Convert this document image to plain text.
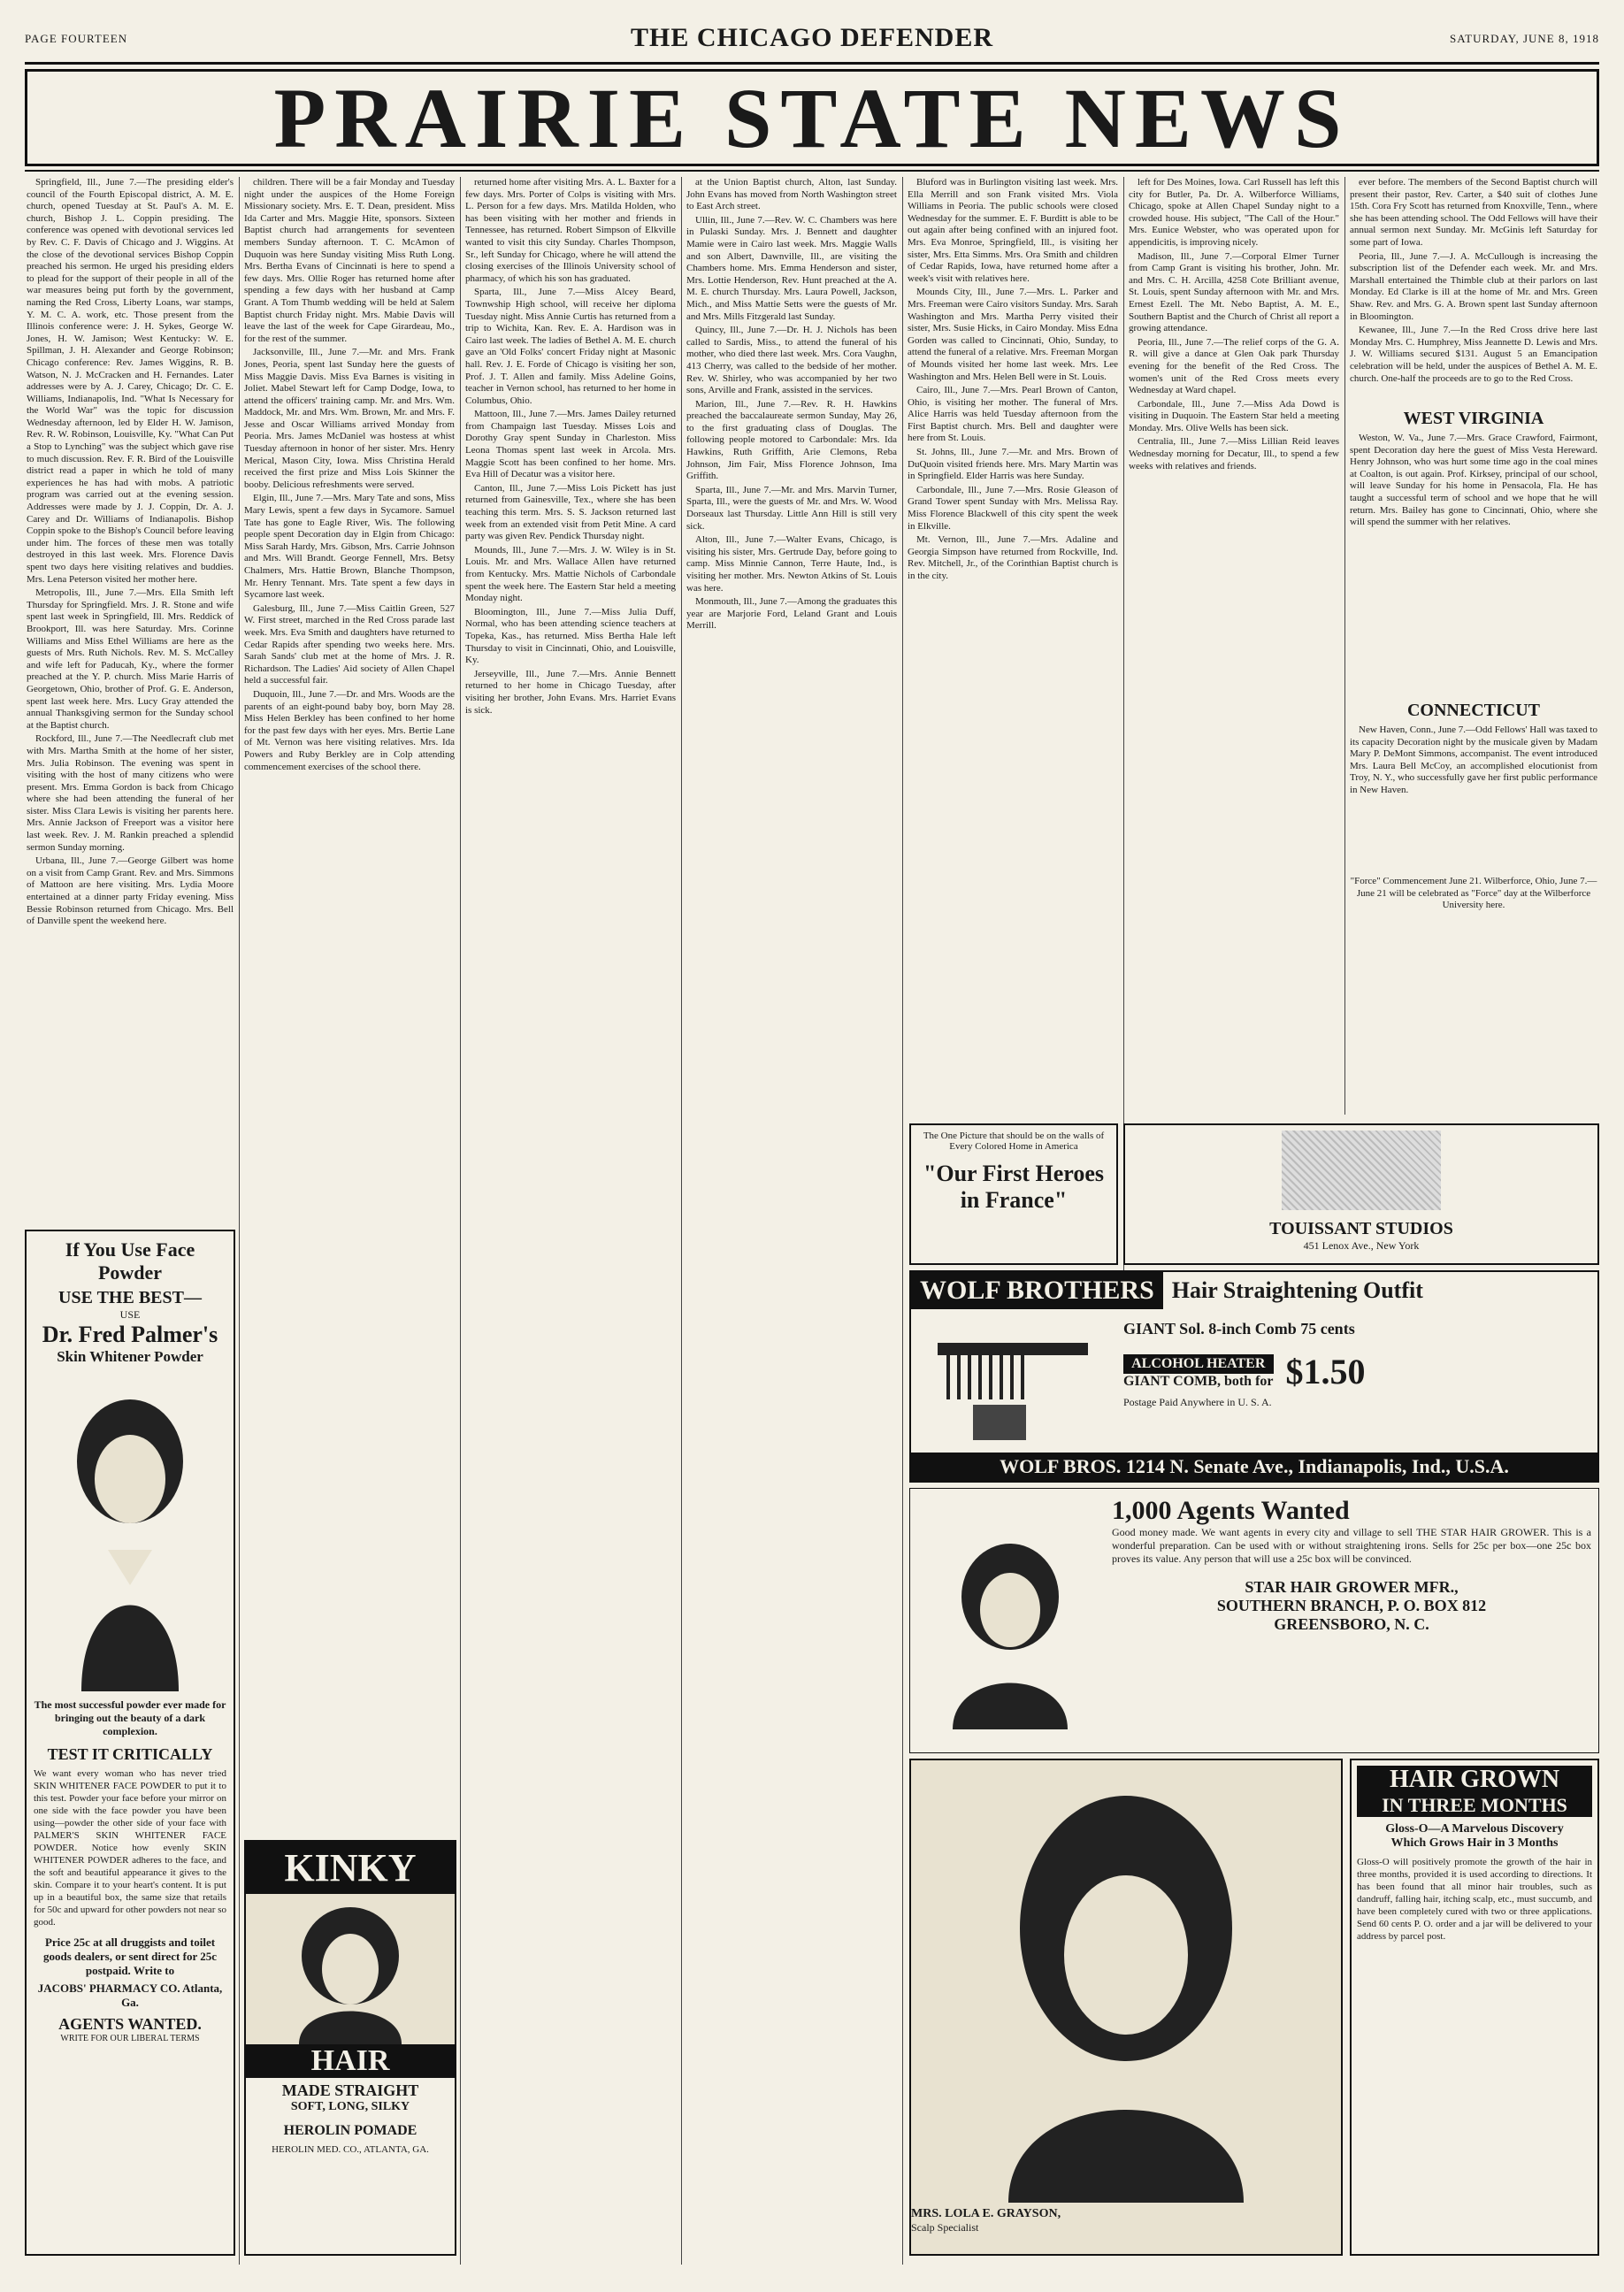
PAGE FOURTEEN	THE CHICAGO DEFENDER	SATURDAY, JUNE 8, 1918
PRAIRIE STATE NEWS

Springfield, Ill., June 7.—The presiding elder's council of the Fourth Episcopal district, A. M. E. church, opened Tuesday at St. Paul's A. M. E. church, Bishop J. L. Coppin presiding. The conference was opened with devotional services led by Rev. C. F. Davis of Chicago and J. Wiggins. At the close of the devotional services Bishop Coppin preached his sermon. He urged his presiding elders to plead for the support of their people in all of the war measures being put forth by the government, naming the Red Cross, Liberty Loans, war stamps, Y. M. C. A. work, etc. Those present from the Illinois conference were: J. H. Sykes, George W. Jones, H. W. Jamison; West Kentucky: W. E. Spillman, J. H. Alexander and George Robinson; Chicago conference: Rev. James Wiggins, R. B. Watson, N. J. McCracken and H. Fernandes. Later addresses were by A. J. Carey, Chicago; Dr. C. E. Williams, Indianapolis, Ind. "What Is Necessary for the World War" was the topic for discussion Wednesday afternoon, led by Elder H. W. Jamison, Rev. R. W. Robinson, Louisville, Ky. "What Can Put a Stop to Lynching" was the subject which gave rise to much discussion. Rev. F. R. Bird of the Louisville district read a paper in which he told of many experiences he has had with mobs. A patriotic program was carried out at the evening session. Addresses were made by J. J. Coppin, Dr. A. J. Carey and Dr. Williams of Indianapolis. Bishop Coppin spoke to the Bishop's Council before leaving under him. The forces of these men was totally destroyed in this last week. Mrs. Florence Davis spent two days here visiting relatives and buddies. Mrs. Lena Peterson visited her mother here.

Metropolis, Ill., June 7.—Mrs. Ella Smith left Thursday for Springfield. Mrs. J. R. Stone and wife spent last week in Springfield, Ill. Mrs. Reddick of Brookport, Ill. was here Saturday. Mrs. Corinne Williams and Miss Ethel Williams are here as the guests of Mrs. Ruth Nichols. Rev. M. S. McCalley and wife left for Paducah, Ky., where the former preached at the Y. P. church. Miss Marie Harris of Georgetown, Ohio, brother of Prof. G. E. Anderson, spent last week here. Mrs. Lucy Gray attended the annual Thanksgiving sermon for the Sunday school at the Baptist church.

Rockford, Ill., June 7.—The Needlecraft club met with Mrs. Martha Smith at the home of her sister, Mrs. Julia Robinson. The evening was spent in visiting with the host of many citizens who were present. Mrs. Emma Gordon is back from Chicago where she had been attending the funeral of her sister. Miss Clara Lewis is visiting her parents here. Mrs. Annie Jackson of Freeport was a visitor here last week. Rev. J. M. Rankin preached a splendid sermon Sunday morning.

Urbana, Ill., June 7.—George Gilbert was home on a visit from Camp Grant. Rev. and Mrs. Simmons of Mattoon are here visiting. Mrs. Lydia Moore entertained at a dinner party Friday evening. Miss Bessie Robinson returned from Chicago. Mrs. Bell of Danville spent the weekend here.

children. There will be a fair Monday and Tuesday night under the auspices of the Home Foreign Missionary society. Mrs. E. T. Dean, president. Miss Ida Carter and Mrs. Maggie Hite, sponsors. Sixteen Baptist church had arrangements for seventeen members Sunday afternoon. T. C. McAmon of Duquoin was here Sunday visiting Miss Ruth Long. Mrs. Bertha Evans of Cincinnati is here to spend a few days. Mrs. Ollie Roger has returned home after spending a few days with her husband at Camp Grant. A Tom Thumb wedding will be held at Salem Baptist church Friday night. Mrs. Mabie Davis will leave the last of the week for Cape Girardeau, Mo., for the rest of the summer.

Jacksonville, Ill., June 7.—Mr. and Mrs. Frank Jones, Peoria, spent last Sunday here the guests of Miss Maggie Davis. Miss Eva Barnes is visiting in Joliet. Mabel Stewart left for Camp Dodge, Iowa, to attend the officers' training camp. Mr. and Mrs. Wm. Maddock, Mr. and Mrs. Wm. Brown, Mr. and Mrs. F. Jesse and Oscar Williams arrived Monday from Peoria. Mrs. James McDaniel was hostess at whist Tuesday afternoon in honor of her sister. Mrs. Henry Merical, Mason City, Iowa. Miss Christina Herald received the first prize and Miss Lois Skinner the booby. Delicious refreshments were served.

Elgin, Ill., June 7.—Mrs. Mary Tate and sons, Miss Mary Lewis, spent a few days in Sycamore. Samuel Tate has gone to Eagle River, Wis. The following people spent Decoration day in Elgin from Chicago: Miss Sarah Hardy, Mrs. Gibson, Mrs. Carrie Johnson and Mrs. Will Brandt. George Fennell, Mrs. Betsy Chalmers, Mrs. Hattie Brown, Blanche Thompson, Mr. Henry Tennant. Mrs. Tate spent a few days in Sycamore last week.

Galesburg, Ill., June 7.—Miss Caitlin Green, 527 W. First street, marched in the Red Cross parade last week. Mrs. Eva Smith and daughters have returned to Cedar Rapids after spending two weeks here. Mrs. Sarah Sands' club met at the home of Mrs. J. R. Richardson. The Ladies' Aid society of Allen Chapel held a successful fair.

Duquoin, Ill., June 7.—Dr. and Mrs. Woods are the parents of an eight-pound baby boy, born May 28. Miss Helen Berkley has been confined to her home for the past few days with her eyes. Mrs. Bertie Lane of Mt. Vernon was here visiting relatives. Mrs. Ida Powers and Ruby Berkley are in Colp attending commencement exercises of the school there.

returned home after visiting Mrs. A. L. Baxter for a few days. Mrs. Porter of Colps is visiting with Mrs. L. Person for a few days. Mrs. Matilda Holden, who has been visiting with her mother and friends in Tennessee, has returned. Robert Simpson of Elkville wanted to visit this city Sunday. Charles Thompson, Sr., left Sunday for Chicago, where he will attend the closing exercises of the Illinois University school of pharmacy, of which his son has graduated.

Sparta, Ill., June 7.—Miss Alcey Beard, Townwship High school, will receive her diploma Tuesday night. Miss Annie Curtis has returned from a trip to Wichita, Kan. Rev. E. A. Hardison was in Cairo last week. The ladies of Bethel A. M. E. church gave an 'Old Folks' concert Friday night at Masonic hall. Rev. J. E. Forde of Chicago is visiting her son, Prof. J. T. Allen and family. Miss Adeline Goins, teacher in Vernon school, has returned to her home in Columbus, Ohio.

Mattoon, Ill., June 7.—Mrs. James Dailey returned from Champaign last Tuesday. Misses Lois and Dorothy Gray spent Sunday in Charleston. Miss Leona Thomas spent last week in Arcola. Mrs. Maggie Scott has been confined to her home. Mrs. Eva Hill of Decatur was a visitor here.

Canton, Ill., June 7.—Miss Lois Pickett has just returned from Gainesville, Tex., where she has been teaching this term. Mrs. S. S. Jackson returned last week from an extended visit from Petit Mine. A card party was given Rev. Pendick Thursday night.

Mounds, Ill., June 7.—Mrs. J. W. Wiley is in St. Louis. Mr. and Mrs. Wallace Allen have returned from Kentucky. Mrs. Mattie Nichols of Carbondale spent the week here. The Eastern Star held a meeting Monday night.

Bloomington, Ill., June 7.—Miss Julia Duff, Normal, who has been attending science teachers at Topeka, Kas., has returned. Miss Bertha Hale left Thursday to visit in Cincinnati, Ohio, and Louisville, Ky.

Jerseyville, Ill., June 7.—Mrs. Annie Bennett returned to her home in Chicago Tuesday, after visiting her brother, John Evans. Mrs. Harriet Evans is sick.

at the Union Baptist church, Alton, last Sunday. John Evans has moved from North Washington street to East Arch street.

Ullin, Ill., June 7.—Rev. W. C. Chambers was here in Pulaski Sunday. Mrs. J. Bennett and daughter Mamie were in Cairo last week. Mrs. Maggie Walls and son Albert, Dawnville, Ill., are visiting the Chambers home. Mrs. Emma Henderson and sister, Mrs. Lottie Henderson, Rev. Hunt preached at the A. M. E. church Thursday. Mrs. Laura Powell, Jackson, Mich., and Miss Mattie Setts were the guests of Mr. and Mrs. Mills Fitzgerald last Sunday.

Quincy, Ill., June 7.—Dr. H. J. Nichols has been called to Sardis, Miss., to attend the funeral of his mother, who died there last week. Mrs. Cora Vaughn, 413 Cherry, was called to the bedside of her mother. Rev. W. Shirley, who was accompanied by her two sons, Arville and Frank, assisted in the services.

Marion, Ill., June 7.—Rev. R. H. Hawkins preached the baccalaureate sermon Sunday, May 26, to the first graduating class of Douglas. The following people motored to Carbondale: Mrs. Ida Hawkins, Ruth Griffith, Arie Clemons, Reba Johnson, Jim Fair, Miss Florence Johnson, Ima Griffith.

Sparta, Ill., June 7.—Mr. and Mrs. Marvin Turner, Sparta, Ill., were the guests of Mr. and Mrs. W. Wood Dorseaux last Thursday. Little Ann Hill is still very sick.

Alton, Ill., June 7.—Walter Evans, Chicago, is visiting his sister, Mrs. Gertrude Day, before going to camp. Miss Minnie Cannon, Terre Haute, Ind., is visiting her mother. Mrs. Newton Atkins of St. Louis was here.

Monmouth, Ill., June 7.—Among the graduates this year are Marjorie Ford, Leland Grant and Louis Merrill.

Bluford was in Burlington visiting last week. Mrs. Ella Merrill and son Frank visited Mrs. Viola Williams in Peoria. The public schools were closed Wednesday for the summer. E. F. Burditt is able to be out again after being confined with an injured foot. Mrs. Eva Monroe, Springfield, Ill., is visiting her sister, Mrs. Etta Simms. Mrs. Ora Smith and children of Cedar Rapids, Iowa, have returned home after a week's visit with relatives here.

Mounds City, Ill., June 7.—Mrs. L. Parker and Mrs. Freeman were Cairo visitors Sunday. Mrs. Sarah Washington and Mrs. Martha Perry visited their sister, Mrs. Susie Hicks, in Cairo Monday. Miss Edna Gorden was called to Cincinnati, Ohio, Sunday, to attend the funeral of a relative. Mrs. Freeman Morgan of Mounds visited her home last week. Mrs. Lee Washington and Mrs. Helen Bell were in St. Louis.

Cairo, Ill., June 7.—Mrs. Pearl Brown of Canton, Ohio, is visiting her mother. The funeral of Mrs. Alice Harris was held Tuesday afternoon from the First Baptist church. Mrs. Bell and daughter were here from St. Louis.

St. Johns, Ill., June 7.—Mr. and Mrs. Brown of DuQuoin visited friends here. Mrs. Mary Martin was in Springfield. Elder Harris was here Sunday.

Carbondale, Ill., June 7.—Mrs. Rosie Gleason of Grand Tower spent Sunday with Mrs. Melissa Ray. Miss Florence Blackwell of this city spent the week in Elkville.

Mt. Vernon, Ill., June 7.—Mrs. Adaline and Georgia Simpson have returned from Rockville, Ind. Rev. Mitchell, Jr., of the Corinthian Baptist church is in the city.

left for Des Moines, Iowa. Carl Russell has left this city for Butler, Pa. Dr. A. Wilberforce Williams, Chicago, spoke at Allen Chapel Sunday night to a crowded house. His subject, "The Call of the Hour." Mrs. Eunice Webster, who was operated upon for appendicitis, is improving nicely.

Madison, Ill., June 7.—Corporal Elmer Turner from Camp Grant is visiting his brother, John. Mr. and Mrs. C. H. Arcilla, 4258 Cote Brilliant avenue, St. Louis, spent Sunday afternoon with Mr. and Mrs. Ernest Ezell. The Mt. Nebo Baptist, A. M. E., Southern Baptist and the Church of Christ all report a growing attendance.

Peoria, Ill., June 7.—The relief corps of the G. A. R. will give a dance at Glen Oak park Thursday evening for the benefit of the Red Cross. The women's unit of the Red Cross meets every Wednesday at Ward chapel.

Carbondale, Ill., June 7.—Miss Ada Dowd is visiting in Duquoin. The Eastern Star held a meeting Monday. Mrs. Olive Wells has been sick.

Centralia, Ill., June 7.—Miss Lillian Reid leaves Wednesday morning for Decatur, Ill., to spend a few weeks with relatives and friends.

ever before. The members of the Second Baptist church will present their pastor, Rev. Carter, a $40 suit of clothes June 15th. Cora Fry Scott has returned from Knoxville, Tenn., where she has been attending school. The Odd Fellows will have their annual sermon next Sunday. Mr. McGinis left Saturday for some part of Iowa.

Peoria, Ill., June 7.—J. A. McCullough is increasing the subscription list of the Defender each week. Mr. and Mrs. Marshall entertained the Thimble club at their parlors on last Monday. Ed Clarke is ill at the home of Mr. and Mrs. Green Shaw. Rev. and Mrs. G. A. Brown spent last Sunday afternoon in Bloomington.

Kewanee, Ill., June 7.—In the Red Cross drive here last Monday Mrs. C. Humphrey, Miss Jeannette D. Lewis and Mrs. J. W. Williams secured $131. August 5 an Emancipation celebration will be held, under the auspices of Bethel A. M. E. church. One-half the proceeds are to go to the Red Cross.

WEST VIRGINIA
Weston, W. Va., June 7.—Mrs. Grace Crawford, Fairmont, spent Decoration day here the guest of Miss Vesta Hereward. Henry Johnson, who was hurt some time ago in the coal mines at Coalton, is out again. Prof. Kirksey, principal of our school, will leave Sunday for his home in Pensacola, Fla. He has taught a successful term of school and we hope that he will return. Mrs. Bailey has gone to Cincinnati, Ohio, where she will spend the summer with her relatives.
CONNECTICUT
New Haven, Conn., June 7.—Odd Fellows' Hall was taxed to its capacity Decoration night by the musicale given by Madam Mary P. DeMont Simmons, accompanist. The event introduced Mrs. Laura Bell McCoy, an accomplished elocutionist from Troy, N. Y., who successfully gave her first public performance in New Haven.
"Force" Commencement June 21. Wilberforce, Ohio, June 7.—June 21 will be celebrated as "Force" day at the Wilberforce University here.
If You Use Face Powder
USE THE BEST—
USE
Dr. Fred Palmer's
Skin Whitener Powder
The most successful powder ever made for bringing out the beauty of a dark complexion.
TEST IT CRITICALLY
We want every woman who has never tried SKIN WHITENER FACE POWDER to put it to this test. Powder your face before your mirror on one side with the face powder you have been using—powder the other side of your face with PALMER'S SKIN WHITENER FACE POWDER. Notice how evenly SKIN WHITENER POWDER adheres to the face, and the soft and beautiful appearance it gives to the skin. Compare it to your heart's content. It is put up in a beautiful box, the same size that retails for 50c and upward for other powders not near so good.
Price 25c at all druggists and toilet goods dealers, or sent direct for 25c postpaid. Write to
JACOBS' PHARMACY CO. Atlanta, Ga.
AGENTS WANTED.
WRITE FOR OUR LIBERAL TERMS
KINKY
HAIR
MADE STRAIGHT
SOFT, LONG, SILKY
HEROLIN POMADE
HEROLIN MED. CO., ATLANTA, GA.
The One Picture that should be on the walls of Every Colored Home in America
"Our First Heroes in France"
TOUISSANT STUDIOS
451 Lenox Ave., New York
WOLF BROTHERS Hair Straightening Outfit
GIANT Sol. 8-inch Comb 75 cents
ALCOHOL HEATER
GIANT COMB, both for $1.50
Postage Paid Anywhere in U. S. A.
WOLF BROS. 1214 N. Senate Ave., Indianapolis, Ind., U.S.A.
1,000 Agents Wanted
Good money made. We want agents in every city and village to sell THE STAR HAIR GROWER. This is a wonderful preparation. Can be used with or without straightening irons. Sells for 25c per box—one 25c box proves its value. Any person that will use a 25c box will be convinced.
STAR HAIR GROWER MFR.,
SOUTHERN BRANCH, P. O. BOX 812
GREENSBORO, N. C.
HAIR GROWN
IN THREE MONTHS
Gloss-O—A Marvelous Discovery
Which Grows Hair in 3 Months
Gloss-O will positively promote the growth of the hair in three months, provided it is used according to directions. It has been found that all minor hair troubles, such as dandruff, falling hair, itching scalp, etc., must succumb, and have been completely cured with two or three applications. Send 60 cents P. O. order and a jar will be delivered to your address by parcel post.
MRS. LOLA E. GRAYSON,
Scalp Specialist
